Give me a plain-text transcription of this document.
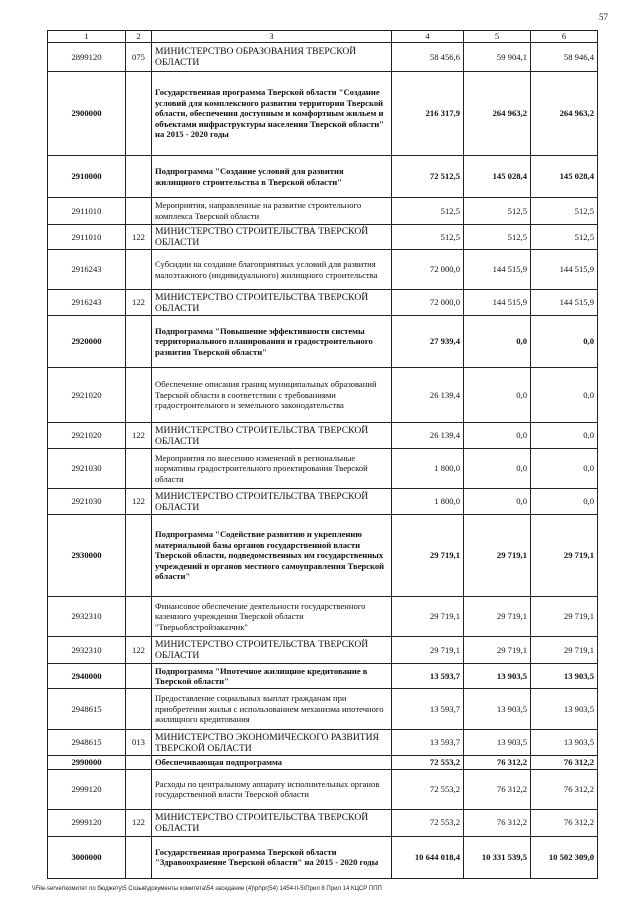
57
1	2	3	4	5	6
2899120	075	МИНИСТЕРСТВО ОБРАЗОВАНИЯ ТВЕРСКОЙ ОБЛАСТИ	58 456,6	59 904,1	58 946,4
2900000		Государственная программа Тверской области "Создание условий для комплексного развития территории Тверской области, обеспечения доступным и комфортным жильем и объектами инфраструктуры населения Тверской области" на 2015 - 2020 годы	216 317,9	264 963,2	264 963,2
2910000		Подпрограмма "Создание условий для развития жилищного строительства в Тверской области"	72 512,5	145 028,4	145 028,4
2911010		Мероприятия, направленные на развитие строительного комплекса Тверской области	512,5	512,5	512,5
2911010	122	МИНИСТЕРСТВО СТРОИТЕЛЬСТВА ТВЕРСКОЙ ОБЛАСТИ	512,5	512,5	512,5
2916243		Субсидии на создание благоприятных условий для развития малоэтажного (индивидуального) жилищного строительства	72 000,0	144 515,9	144 515,9
2916243	122	МИНИСТЕРСТВО СТРОИТЕЛЬСТВА ТВЕРСКОЙ ОБЛАСТИ	72 000,0	144 515,9	144 515,9
2920000		Подпрограмма "Повышение эффективности системы территориального планирования и градостроительного развития Тверской области"	27 939,4	0,0	0,0
2921020		Обеспечение описания границ муниципальных образований Тверской области в соответствии с требованиями градостроительного и земельного законодательства	26 139,4	0,0	0,0
2921020	122	МИНИСТЕРСТВО СТРОИТЕЛЬСТВА ТВЕРСКОЙ ОБЛАСТИ	26 139,4	0,0	0,0
2921030		Мероприятия по внесению изменений в региональные нормативы градостроительного проектирования Тверской области	1 800,0	0,0	0,0
2921030	122	МИНИСТЕРСТВО СТРОИТЕЛЬСТВА ТВЕРСКОЙ ОБЛАСТИ	1 800,0	0,0	0,0
2930000		Подпрограмма "Содействие развитию и укреплению материальной базы органов государственной власти Тверской области, подведомственных им государственных учреждений и органов местного самоуправления Тверской области"	29 719,1	29 719,1	29 719,1
2932310		Финансовое обеспечение деятельности государственного казенного учреждения Тверской области "Тверьоблстройзаказчик"	29 719,1	29 719,1	29 719,1
2932310	122	МИНИСТЕРСТВО СТРОИТЕЛЬСТВА ТВЕРСКОЙ ОБЛАСТИ	29 719,1	29 719,1	29 719,1
2940000		Подпрограмма "Ипотечное жилищное кредитование в Тверской области"	13 593,7	13 903,5	13 903,5
2948615		Предоставление социальных выплат гражданам при приобретении жилья с использованием механизма ипотечного жилищного кредитования	13 593,7	13 903,5	13 903,5
2948615	013	МИНИСТЕРСТВО ЭКОНОМИЧЕСКОГО РАЗВИТИЯ ТВЕРСКОЙ ОБЛАСТИ	13 593,7	13 903,5	13 903,5
2990000		Обеспечивающая подпрограмма	72 553,2	76 312,2	76 312,2
2999120		Расходы по центральному аппарату исполнительных органов государственной власти Тверской области	72 553,2	76 312,2	76 312,2
2999120	122	МИНИСТЕРСТВО СТРОИТЕЛЬСТВА ТВЕРСКОЙ ОБЛАСТИ	72 553,2	76 312,2	76 312,2
3000000		Государственная программа Тверской области "Здравоохранение Тверской области" на 2015 - 2020 годы	10 644 018,4	10 331 539,5	10 502 309,0
\\File-server\комитет по бюджету\5 Созыв\документы комитета\54 заседание (4)\pr\pr(54) 1454-II-5\Прил 8 Прил 14 КЦСР ППП
